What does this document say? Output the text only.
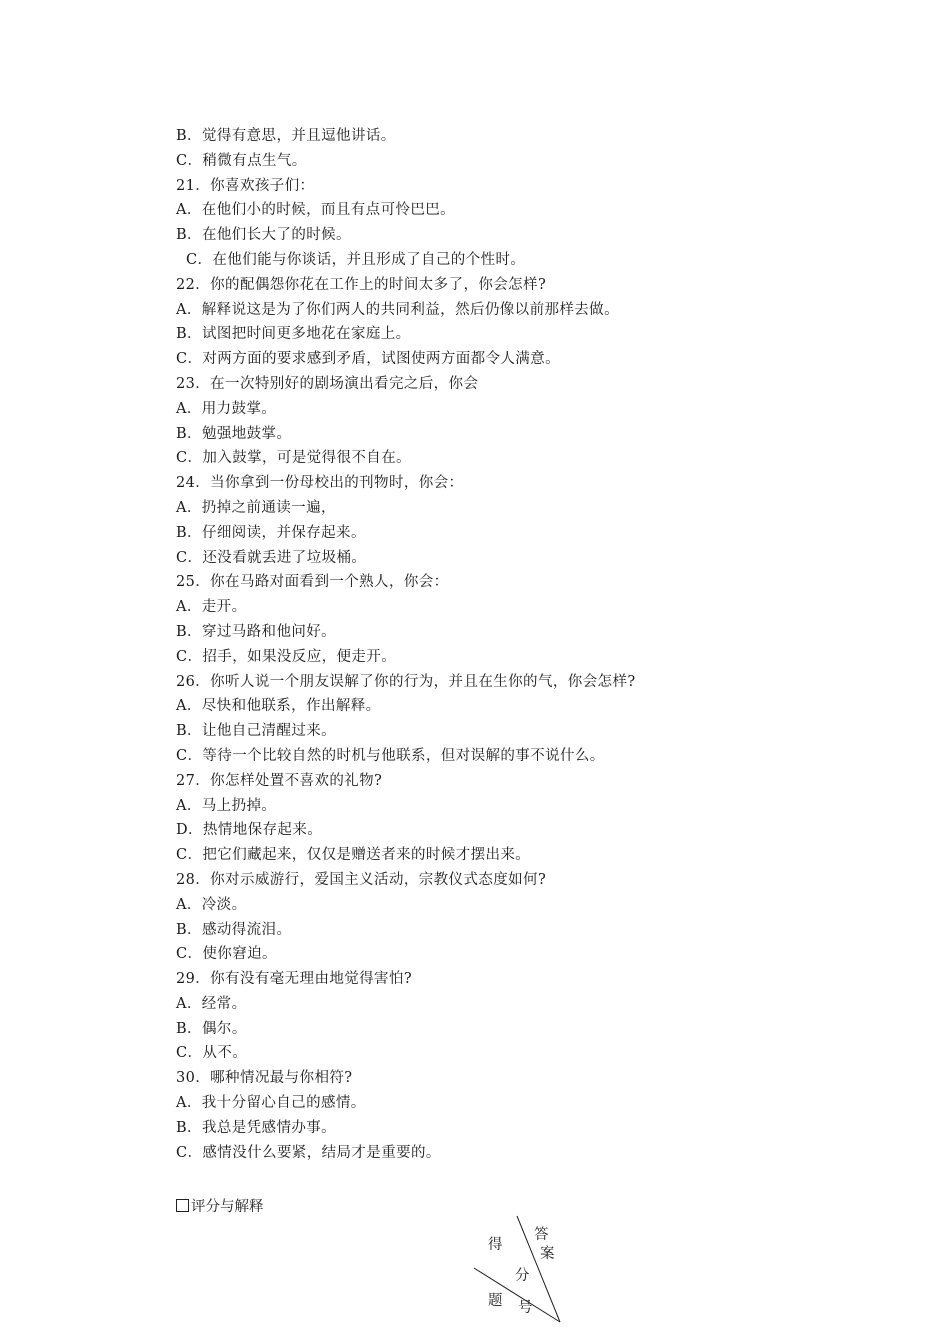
B．觉得有意思，并且逗他讲话。
C．稍微有点生气。
21．你喜欢孩子们：
A．在他们小的时候，而且有点可怜巴巴。
B．在他们长大了的时候。
C．在他们能与你谈话，并且形成了自己的个性时。
22．你的配偶怨你花在工作上的时间太多了，你会怎样?
A．解释说这是为了你们两人的共同利益，然后仍像以前那样去做。
B．试图把时间更多地花在家庭上。
C．对两方面的要求感到矛盾，试图使两方面都令人满意。
23．在一次特别好的剧场演出看完之后，你会
A．用力鼓掌。
B．勉强地鼓掌。
C．加入鼓掌，可是觉得很不自在。
24．当你拿到一份母校出的刊物时，你会：
A．扔掉之前通读一遍，
B．仔细阅读，并保存起来。
C．还没看就丢进了垃圾桶。
25．你在马路对面看到一个熟人，你会：
A．走开。
B．穿过马路和他问好。
C．招手，如果没反应，便走开。
26．你听人说一个朋友误解了你的行为，并且在生你的气，你会怎样?
A．尽快和他联系，作出解释。
B．让他自己清醒过来。
C．等待一个比较自然的时机与他联系，但对误解的事不说什么。
27．你怎样处置不喜欢的礼物?
A．马上扔掉。
D．热情地保存起来。
C．把它们藏起来，仅仅是赠送者来的时候才摆出来。
28．你对示威游行，爱国主义活动，宗教仪式态度如何?
A．冷淡。
B．感动得流泪。
C．使你窘迫。
29．你有没有毫无理由地觉得害怕?
A．经常。
B．偶尔。
C．从不。
30．哪种情况最与你相符?
A．我十分留心自己的感情。
B．我总是凭感情办事。
C．感情没什么要紧，结局才是重要的。
评分与解释
答
案
得
分
题 号
